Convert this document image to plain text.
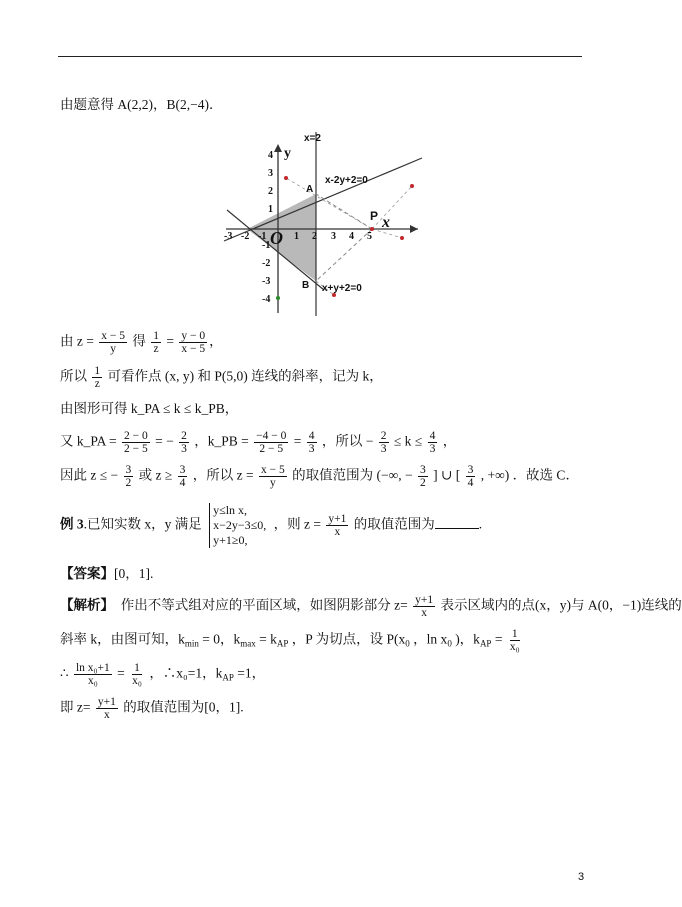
由题意得 A(2,2)，B(2,−4)．
-3 -2 -1	1 2 3 4 5
4
3
2
1
-1
-2
-3
-4
x=2
y
A
x-2y+2=0
P x
O
B x+y+2=0
由 $z = \frac{x - 5}{y}$ 得 $\frac{1}{z} = \frac{y - 0}{x - 5}$ ，
所以 $\frac{1}{z}$ 可看作点 (x, y) 和 P(5,0) 连线的斜率，记为 k，
由图形可得 k_PA ≤ k ≤ k_PB，
又 k_PA = $\frac{2 - 0}{2 - 5}$ = − $\frac{2}{3}$ ，k_PB = $\frac{-4 - 0}{2 - 5} = \frac{4}{3}$ ，所以 − $\frac{2}{3} \le k \le \frac{4}{3}$ ，
因此 z ≤ − $\frac{3}{2}$ 或 $z \ge \frac{3}{4}$ ，所以 $z = \frac{x - 5}{y}$ 的取值范围为 (−∞, − $\frac{3}{2}$ ] ∪ [ $\frac{3}{4}$ , +∞) ．故选 C．
例 3.已知实数 x，y 满足 y≤ln x,
x−2y−3≤0,
y+1≥0, ，则 $z = \frac{y+1}{x}$ 的取值范围为	.
【答案】[0，1].
【解析】　作出不等式组对应的平面区域，如图阴影部分 $z= \frac{y+1}{x}$ 表示区域内的点(x，y)与 A(0，−1)连线的
斜率 k，由图可知，$k_{min} = 0$，$k_{max} = k_{AP}$ ，P 为切点，设 $P(x_0$ ，$\ln x_0$ )，$k_{AP} = \frac{1}{\text{x₀}}$
∴ $\frac{\text{ln x₀+1}}{\text{x₀}} = \frac{1}{\text{x₀}}$ ，∴x₀=1，$k_{AP} =1$，
即 $z= \frac{y+1}{x}$ 的取值范围为[0，1].
3
